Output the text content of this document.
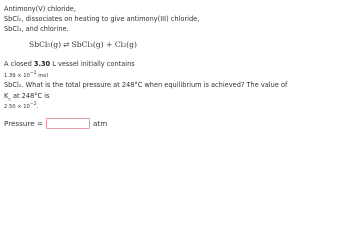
Antimony(V) chloride,
SbCl₅, dissociates on heating to give antimony(III) chloride,
SbCl₃, and chlorine.
SbCl₅(g) ⇌ SbCl₃(g) + Cl₂(g)
A closed 3.30 L vessel initially contains
$1.39 \times 10^{-2}$ mol
SbCl₅. What is the total pressure at 248°C when equilibrium is achieved? The value of
$K_c$ at 248°C is
$2.50 \times 10^{-2}$.
Pressure =	atm
